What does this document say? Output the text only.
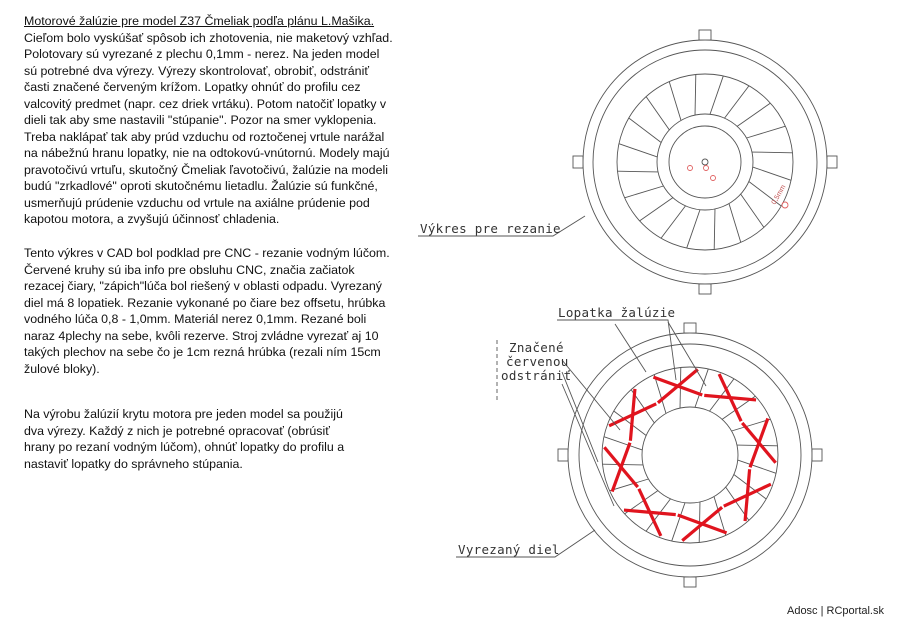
Motorové žalúzie pre model Z37 Čmeliak podľa plánu L.Mašika.
Cieľom bolo vyskúšať spôsob ich zhotovenia, nie maketový vzhľad.
Polotovary sú vyrezané z plechu 0,1mm - nerez. Na jeden model
sú potrebné dva výrezy. Výrezy skontrolovať, obrobiť, odstrániť
časti značené červeným krížom. Lopatky ohnúť do profilu cez
valcovitý predmet (napr. cez driek vrtáku). Potom natočiť lopatky v
dieli tak aby sme nastavili "stúpanie". Pozor na smer vyklopenia.
Treba naklápať tak aby prúd vzduchu od roztočenej vrtule narážal
na nábežnú hranu lopatky, nie na odtokovú-vnútornú. Modely majú
pravotočivú vrtuľu, skutočný Čmeliak ľavotočivú, žalúzie na modeli
budú "zrkadlové" oproti skutočnému lietadlu. Žalúzie sú funkčné,
usmerňujú prúdenie vzduchu od vrtule na axiálne prúdenie pod
kapotou motora, a zvyšujú účinnosť chladenia.
Tento výkres v CAD bol podklad pre CNC - rezanie vodným lúčom.
Červené kruhy sú iba info pre obsluhu CNC, značia začiatok
rezacej čiary, "zápich"lúča bol riešený v oblasti odpadu. Vyrezaný
diel má 8 lopatiek. Rezanie vykonané po čiare bez offsetu, hrúbka
vodného lúča 0,8 - 1,0mm. Materiál nerez 0,1mm. Rezané boli
naraz 4plechy na sebe, kvôli rezerve. Stroj zvládne vyrezať aj 10
takých plechov na sebe čo je 1cm rezná hrúbka (rezali ním 15cm
žulové bloky).
Na výrobu žalúzií krytu motora pre jeden model sa použijú
dva výrezy. Každý z nich je potrebné opracovať (obrúsiť
hrany po rezaní vodným lúčom), ohnúť lopatky do profilu a
nastaviť lopatky do správneho stúpania.
Výkres pre rezanie
Lopatka žalúzie
Značené
červenou
odstrániť
Vyrezaný diel
0,5mm
Adosc | RCportal.sk
